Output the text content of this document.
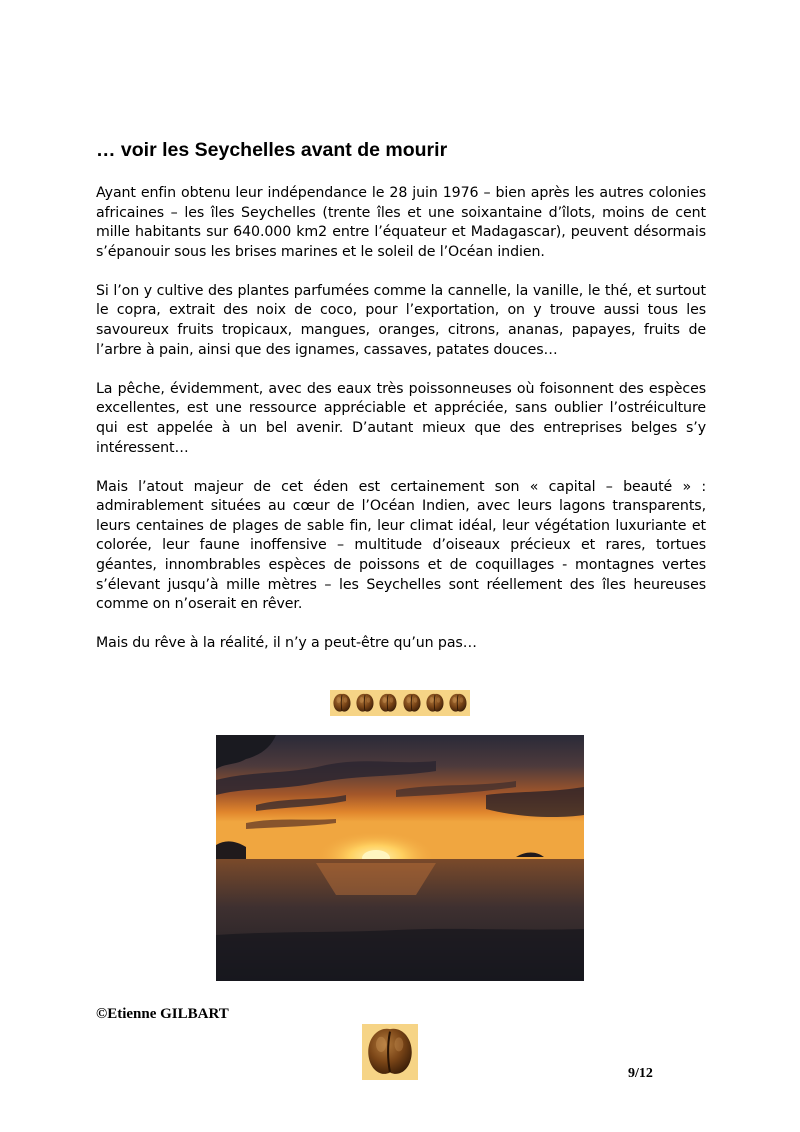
… voir les Seychelles avant de mourir

Ayant enfin obtenu leur indépendance le 28 juin 1976 – bien après les autres colonies africaines – les îles Seychelles (trente îles et une soixantaine d’îlots, moins de cent mille habitants sur 640.000 km2 entre l’équateur et Madagascar), peuvent désormais s’épanouir sous les brises marines et le soleil de l’Océan indien.

Si l’on y cultive des plantes parfumées comme la cannelle, la vanille, le thé, et surtout le copra, extrait des noix de coco, pour l’exportation, on y trouve aussi tous les savoureux fruits tropicaux, mangues, oranges, citrons, ananas, papayes, fruits de l’arbre à pain, ainsi que des ignames, cassaves, patates douces…

La pêche, évidemment, avec des eaux très poissonneuses où foisonnent des espèces excellentes, est une ressource appréciable et appréciée, sans oublier l’ostréiculture qui est appelée à un bel avenir. D’autant mieux que des entreprises belges s’y intéressent…

Mais l’atout majeur de cet éden est certainement son « capital – beauté » : admirablement situées au cœur de l’Océan Indien, avec leurs lagons transparents, leurs centaines de plages de sable fin, leur climat idéal, leur végétation luxuriante et colorée, leur faune inoffensive – multitude d’oiseaux précieux et rares, tortues géantes, innombrables espèces de poissons et de coquillages - montagnes vertes s’élevant jusqu’à mille mètres – les Seychelles sont réellement des îles heureuses comme on n’oserait en rêver.

Mais du rêve à la réalité, il n’y a peut-être qu’un pas…

©Etienne GILBART

9/12
